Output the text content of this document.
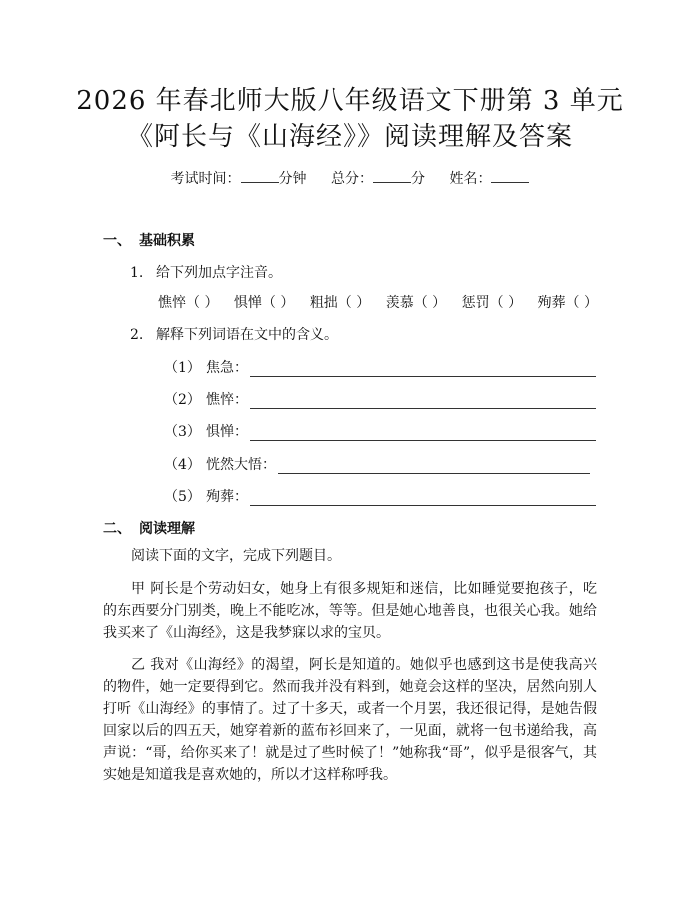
2026 年春北师大版八年级语文下册第 3 单元
《阿长与《山海经》》阅读理解及答案
考试时间：	分钟 总分：	分 姓名：
一、 基础积累
1. 给下列加点字注音。
憔悴（ ） 惧惮（ ） 粗拙（ ） 羡慕（ ） 惩罚（ ） 殉葬（ ）
2. 解释下列词语在文中的含义。
（1） 焦急：
（2） 憔悴：
（3） 惧惮：
（4） 恍然大悟：
（5） 殉葬：
二、 阅读理解
阅读下面的文字，完成下列题目。
甲 阿长是个劳动妇女，她身上有很多规矩和迷信，比如睡觉要抱孩子，吃的东西要分门别类，晚上不能吃冰，等等。但是她心地善良，也很关心我。她给我买来了《山海经》，这是我梦寐以求的宝贝。
乙 我对《山海经》的渴望，阿长是知道的。她似乎也感到这书是使我高兴的物件，她一定要得到它。然而我并没有料到，她竟会这样的坚决，居然向别人打听《山海经》的事情了。过了十多天，或者一个月罢，我还很记得，是她告假回家以后的四五天，她穿着新的蓝布衫回来了，一见面，就将一包书递给我，高声说：“哥，给你买来了！就是过了些时候了！”她称我“哥”，似乎是很客气，其实她是知道我是喜欢她的，所以才这样称呼我。
